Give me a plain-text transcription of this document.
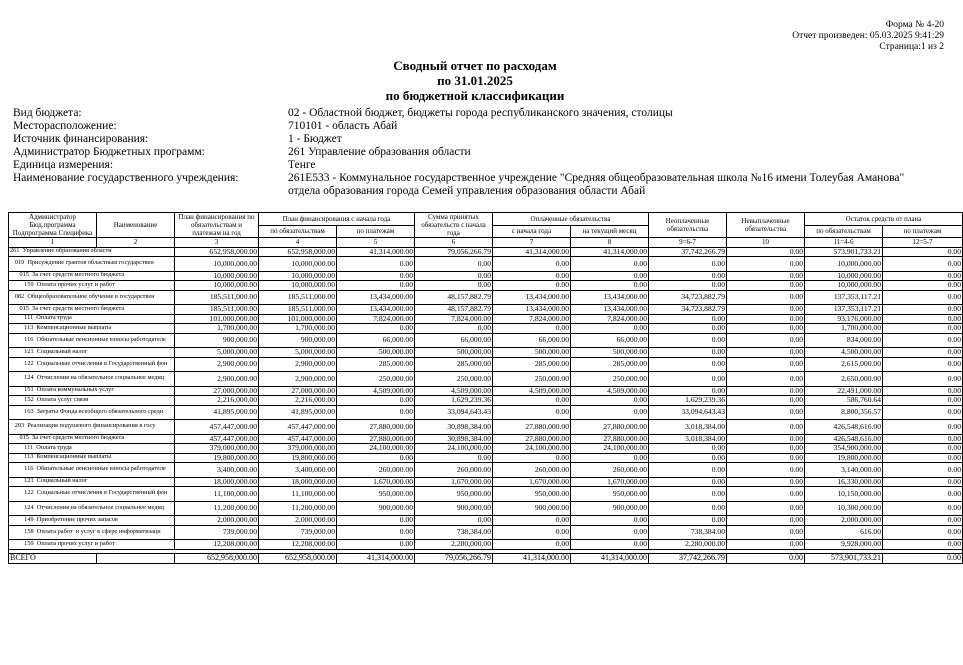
Форма № 4-20
Отчет произведен: 05.03.2025 9:41:29
Страница:1 из 2
Сводный отчет по расходам
по 31.01.2025
по бюджетной классификации
Вид бюджета:	02 - Областной бюджет, бюджеты города республиканского значения, столицы
Месторасположение:	710101 - область Абай
Источник финансирования:	1 - Бюджет
Администратор Бюджетных программ:	261 Управление образования области
Единица измерения:	Тенге
Наименование государственного учреждения:	261Е533 - Коммунальное государственное учреждение "Средняя общеобразовательная школа №16 имени Толеубая Аманова" отдела образования города Семей управления образования области Абай
Администратор Бюд.программа Подпрограмма Специфика	Наименование	План финансирования по обязательствам и платежам на год	План финансирования с начала года		Сумма принятых обязательств с начала года	Оплаченные обязательства		Неоплаченные обязательства	Невыплаченные обязательства	Остаток средств от плана	
			по обязательствам	по платежам		с начала года	на текущий месяц			по обязательствам	по платежам
1	2	3	4	5	6	7	8	9=6-7	10	11=4-6	12=5-7
261  Управление образования области		652,958,000.00	652,958,000.00	41,314,000.00	79,056,266.79	41,314,000.00	41,314,000.00	37,742,266.79	0.00	573,901,733.21	0.00
019  Присуждение грантов областным государствен		10,000,000.00	10,000,000.00	0.00	0.00	0.00	0.00	0.00	0.00	10,000,000.00	0.00
015  За счет средств местного бюджета		10,000,000.00	10,000,000.00	0.00	0.00	0.00	0.00	0.00	0.00	10,000,000.00	0.00
159  Оплата прочих услуг и работ		10,000,000.00	10,000,000.00	0.00	0.00	0.00	0.00	0.00	0.00	10,000,000.00	0.00
082  Общеобразовательное обучение в государствен		185,511,000.00	185,511,000.00	13,434,000.00	48,157,882.79	13,434,000.00	13,434,000.00	34,723,882.79	0.00	137,353,117.21	0.00
015  За счет средств местного бюджета		185,511,000.00	185,511,000.00	13,434,000.00	48,157,882.79	13,434,000.00	13,434,000.00	34,723,882.79	0.00	137,353,117.21	0.00
111  Оплата труда		101,000,000.00	101,000,000.00	7,824,000.00	7,824,000.00	7,824,000.00	7,824,000.00	0.00	0.00	93,176,000.00	0.00
113  Компенсационные выплаты		1,700,000.00	1,700,000.00	0.00	0.00	0.00	0.00	0.00	0.00	1,700,000.00	0.00
116  Обязательные пенсионные взносы работодателе		900,000.00	900,000.00	66,000.00	66,000.00	66,000.00	66,000.00	0.00	0.00	834,000.00	0.00
121  Социальный налог		5,000,000.00	5,000,000.00	500,000.00	500,000.00	500,000.00	500,000.00	0.00	0.00	4,500,000.00	0.00
122  Социальные отчисления в Государственный фон		2,900,000.00	2,900,000.00	285,000.00	285,000.00	285,000.00	285,000.00	0.00	0.00	2,615,000.00	0.00
124  Отчисления на обязательное социальное медиц		2,900,000.00	2,900,000.00	250,000.00	250,000.00	250,000.00	250,000.00	0.00	0.00	2,650,000.00	0.00
151  Оплата коммунальных услуг		27,000,000.00	27,000,000.00	4,509,000.00	4,509,000.00	4,509,000.00	4,509,000.00	0.00	0.00	22,491,000.00	0.00
152  Оплата услуг связи		2,216,000.00	2,216,000.00	0.00	1,629,239.36	0.00	0.00	1,629,239.36	0.00	586,760.64	0.00
163  Затраты Фонда всеобщего обязательного средн		41,895,000.00	41,895,000.00	0.00	33,094,643.43	0.00	0.00	33,094,643.43	0.00	8,800,356.57	0.00
203  Реализация подушевого финансирования в госу		457,447,000.00	457,447,000.00	27,880,000.00	30,898,384.00	27,880,000.00	27,880,000.00	3,018,384.00	0.00	426,548,616.00	0.00
015  За счет средств местного бюджета		457,447,000.00	457,447,000.00	27,880,000.00	30,898,384.00	27,880,000.00	27,880,000.00	3,018,384.00	0.00	426,548,616.00	0.00
111  Оплата труда		379,000,000.00	379,000,000.00	24,100,000.00	24,100,000.00	24,100,000.00	24,100,000.00	0.00	0.00	354,900,000.00	0.00
113  Компенсационные выплаты		19,800,000.00	19,800,000.00	0.00	0.00	0.00	0.00	0.00	0.00	19,800,000.00	0.00
116  Обязательные пенсионные взносы работодателе		3,400,000.00	3,400,000.00	260,000.00	260,000.00	260,000.00	260,000.00	0.00	0.00	3,140,000.00	0.00
121  Социальный налог		18,000,000.00	18,000,000.00	1,670,000.00	1,670,000.00	1,670,000.00	1,670,000.00	0.00	0.00	16,330,000.00	0.00
122  Социальные отчисления в Государственный фон		11,100,000.00	11,100,000.00	950,000.00	950,000.00	950,000.00	950,000.00	0.00	0.00	10,150,000.00	0.00
124  Отчисления на обязательное социальное медиц		11,200,000.00	11,200,000.00	900,000.00	900,000.00	900,000.00	900,000.00	0.00	0.00	10,300,000.00	0.00
149  Приобретение прочих запасов		2,000,000.00	2,000,000.00	0.00	0.00	0.00	0.00	0.00	0.00	2,000,000.00	0.00
158  Оплата работ  и услуг в сфере информатизаци		739,000.00	739,000.00	0.00	738,384.00	0.00	0.00	738,384.00	0.00	616.00	0.00
159  Оплата прочих услуг и работ		12,208,000.00	12,208,000.00	0.00	2,280,000.00	0.00	0.00	2,280,000.00	0.00	9,928,000.00	0.00

ВСЕГО		652,958,000.00	652,958,000.00	41,314,000.00	79,056,266.79	41,314,000.00	41,314,000.00	37,742,266.79	0.00	573,901,733.21	0.00
